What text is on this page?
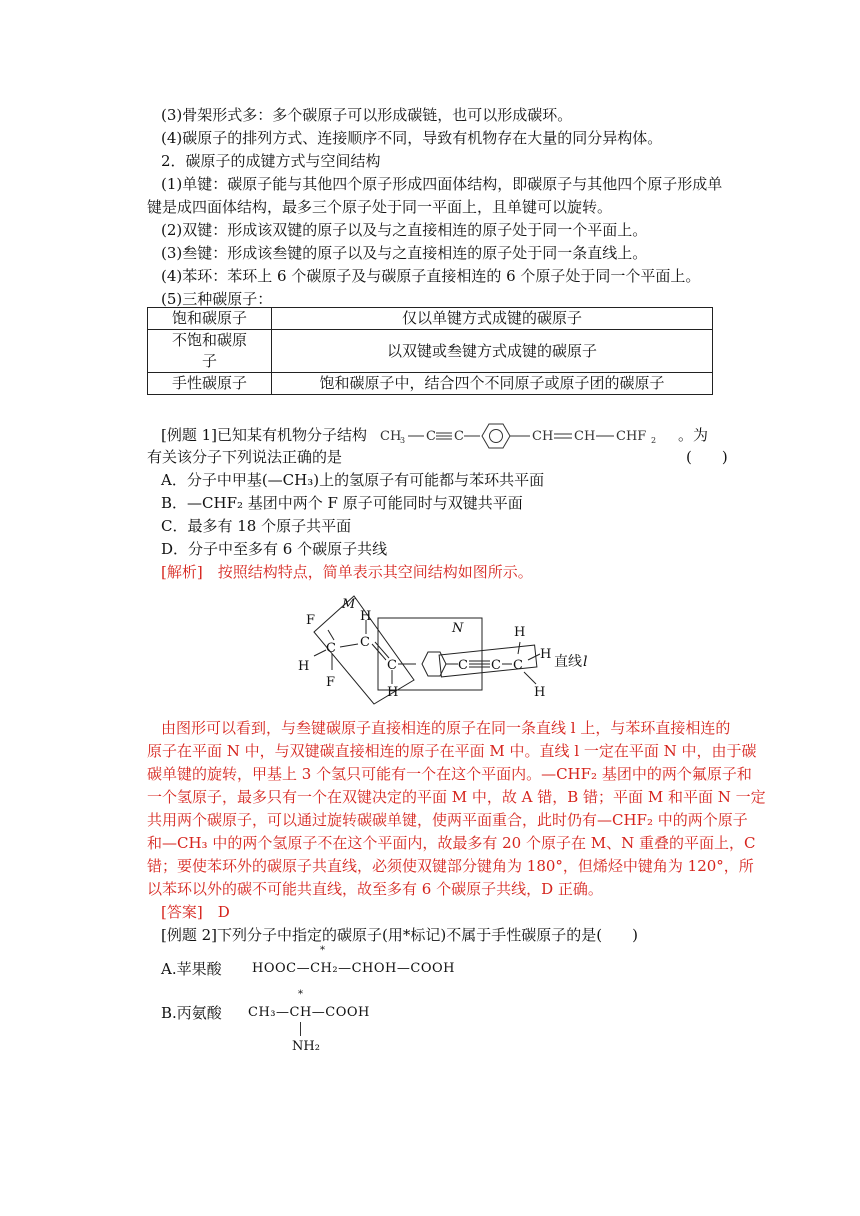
(3)骨架形式多：多个碳原子可以形成碳链，也可以形成碳环。
(4)碳原子的排列方式、连接顺序不同，导致有机物存在大量的同分异构体。
2．碳原子的成键方式与空间结构
(1)单键：碳原子能与其他四个原子形成四面体结构，即碳原子与其他四个原子形成单
键是成四面体结构，最多三个原子处于同一平面上，且单键可以旋转。
(2)双键：形成该双键的原子以及与之直接相连的原子处于同一个平面上。
(3)叁键：形成该叁键的原子以及与之直接相连的原子处于同一条直线上。
(4)苯环：苯环上 6 个碳原子及与碳原子直接相连的 6 个原子处于同一个平面上。
(5)三种碳原子：
饱和碳原子	仅以单键方式成键的碳原子
不饱和碳原
子	以双键或叁键方式成键的碳原子
手性碳原子	饱和碳原子中，结合四个不同原子或原子团的碳原子
[例题 1]已知某有机物分子结构 CH
3 C C	CH CH CHF 2 。为
有关该分子下列说法正确的是	(　　)
A．分子中甲基(—CH₃)上的氢原子有可能都与苯环共平面
B．—CHF₂ 基团中两个 F 原子可能同时与双键共平面
C．最多有 18 个原子共平面
D．分子中至多有 6 个碳原子共线
[解析]　按照结构特点，简单表示其空间结构如图所示。
M
N
F
C
H
F
H
C
C
H
C C C
H
H
H
直线 l
由图形可以看到，与叁键碳原子直接相连的原子在同一条直线 l 上，与苯环直接相连的
原子在平面 N 中，与双键碳直接相连的原子在平面 M 中。直线 l 一定在平面 N 中，由于碳
碳单键的旋转，甲基上 3 个氢只可能有一个在这个平面内。—CHF₂ 基团中的两个氟原子和
一个氢原子，最多只有一个在双键决定的平面 M 中，故 A 错，B 错；平面 M 和平面 N 一定
共用两个碳原子，可以通过旋转碳碳单键，使两平面重合，此时仍有—CHF₂ 中的两个原子
和—CH₃ 中的两个氢原子不在这个平面内，故最多有 20 个原子在 M、N 重叠的平面上，C
错；要使苯环外的碳原子共直线，必须使双键部分键角为 180°，但烯烃中键角为 120°，所
以苯环以外的碳不可能共直线，故至多有 6 个碳原子共线，D 正确。
[答案]　D
[例题 2]下列分子中指定的碳原子(用*标记)不属于手性碳原子的是(　　)
A.苹果酸
*
HOOC—CH₂—CHOH—COOH
B.丙氨酸
*
CH₃—CH—COOH
NH₂
